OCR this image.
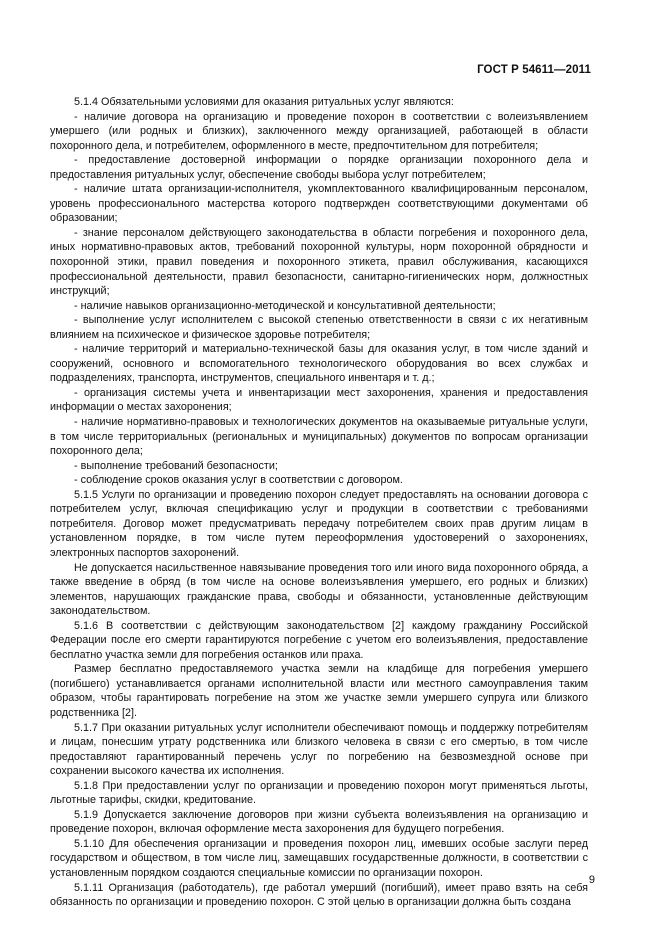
ГОСТ Р 54611—2011

5.1.4 Обязательными условиями для оказания ритуальных услуг являются:

- наличие договора на организацию и проведение похорон в соответствии с волеизъявлением умершего (или родных и близких), заключенного между организацией, работающей в области похоронного дела, и потребителем, оформленного в месте, предпочтительном для потребителя;

- предоставление достоверной информации о порядке организации похоронного дела и предоставления ритуальных услуг, обеспечение свободы выбора услуг потребителем;

- наличие штата организации-исполнителя, укомплектованного квалифицированным персоналом, уровень профессионального мастерства которого подтвержден соответствующими документами об образовании;

- знание персоналом действующего законодательства в области погребения и похоронного дела, иных нормативно-правовых актов, требований похоронной культуры, норм похоронной обрядности и похоронной этики, правил поведения и похоронного этикета, правил обслуживания, касающихся профессиональной деятельности, правил безопасности, санитарно-гигиенических норм, должностных инструкций;

- наличие навыков организационно-методической и консультативной деятельности;

- выполнение услуг исполнителем с высокой степенью ответственности в связи с их негативным влиянием на психическое и физическое здоровье потребителя;

- наличие территорий и материально-технической базы для оказания услуг, в том числе зданий и сооружений, основного и вспомогательного технологического оборудования во всех службах и подразделениях, транспорта, инструментов, специального инвентаря и т. д.;

- организация системы учета и инвентаризации мест захоронения, хранения и предоставления информации о местах захоронения;

- наличие нормативно-правовых и технологических документов на оказываемые ритуальные услуги, в том числе территориальных (региональных и муниципальных) документов по вопросам организации похоронного дела;

- выполнение требований безопасности;

- соблюдение сроков оказания услуг в соответствии с договором.

5.1.5 Услуги по организации и проведению похорон следует предоставлять на основании договора с потребителем услуг, включая спецификацию услуг и продукции в соответствии с требованиями потребителя. Договор может предусматривать передачу потребителем своих прав другим лицам в установленном порядке, в том числе путем переоформления удостоверений о захоронениях, электронных паспортов захоронений.

Не допускается насильственное навязывание проведения того или иного вида похоронного обряда, а также введение в обряд (в том числе на основе волеизъявления умершего, его родных и близких) элементов, нарушающих гражданские права, свободы и обязанности, установленные действующим законодательством.

5.1.6 В соответствии с действующим законодательством [2] каждому гражданину Российской Федерации после его смерти гарантируются погребение с учетом его волеизъявления, предоставление бесплатно участка земли для погребения останков или праха.

Размер бесплатно предоставляемого участка земли на кладбище для погребения умершего (погибшего) устанавливается органами исполнительной власти или местного самоуправления таким образом, чтобы гарантировать погребение на этом же участке земли умершего супруга или близкого родственника [2].

5.1.7 При оказании ритуальных услуг исполнители обеспечивают помощь и поддержку потребителям и лицам, понесшим утрату родственника или близкого человека в связи с его смертью, в том числе предоставляют гарантированный перечень услуг по погребению на безвозмездной основе при сохранении высокого качества их исполнения.

5.1.8 При предоставлении услуг по организации и проведению похорон могут применяться льготы, льготные тарифы, скидки, кредитование.

5.1.9 Допускается заключение договоров при жизни субъекта волеизъявления на организацию и проведение похорон, включая оформление места захоронения для будущего погребения.

5.1.10 Для обеспечения организации и проведения похорон лиц, имевших особые заслуги перед государством и обществом, в том числе лиц, замещавших государственные должности, в соответствии с установленным порядком создаются специальные комиссии по организации похорон.

5.1.11 Организация (работодатель), где работал умерший (погибший), имеет право взять на себя обязанность по организации и проведению похорон. С этой целью в организации должна быть создана

9
